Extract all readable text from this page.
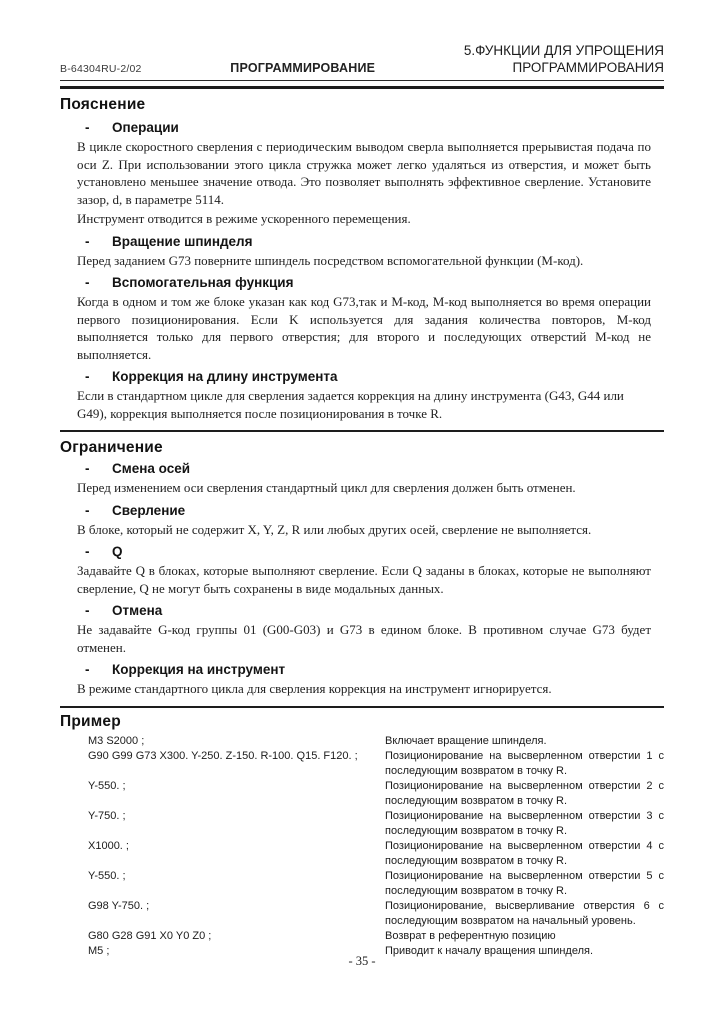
B-64304RU-2/02	ПРОГРАММИРОВАНИЕ
5.ФУНКЦИИ ДЛЯ УПРОЩЕНИЯ
ПРОГРАММИРОВАНИЯ
Пояснение
-	Операции

В цикле скоростного сверления с периодическим выводом сверла выполняется прерывистая подача по оси Z. При использовании этого цикла стружка может легко удаляться из отверстия, и может быть установлено меньшее значение отвода. Это позволяет выполнять эффективное сверление. Установите зазор, d, в параметре 5114.

Инструмент отводится в режиме ускоренного перемещения.

-	Вращение шпинделя

Перед заданием G73 поверните шпиндель посредством вспомогательной функции (M-код).

-	Вспомогательная функция

Когда в одном и том же блоке указан как код G73,так и M-код, M-код выполняется во время операции первого позиционирования. Если K используется для задания количества повторов, M-код выполняется только для первого отверстия; для второго и последующих отверстий M-код не выполняется.

-	Коррекция на длину инструмента

Если в стандартном цикле для сверления задается коррекция на длину инструмента (G43, G44 или G49), коррекция выполняется после позиционирования в точке R.

Ограничение
-	Смена осей

Перед изменением оси сверления стандартный цикл для сверления должен быть отменен.

-	Сверление

В блоке, который не содержит X, Y, Z, R или любых других осей, сверление не выполняется.

-	Q

Задавайте Q в блоках, которые выполняют сверление. Если Q заданы в блоках, которые не выполняют сверление, Q не могут быть сохранены в виде модальных данных.

-	Отмена

Не задавайте G-код группы 01 (G00-G03) и G73 в едином блоке. В противном случае G73 будет отменен.

-	Коррекция на инструмент

В режиме стандартного цикла для сверления коррекция на инструмент игнорируется.

Пример
M3 S2000 ;	Включает вращение шпинделя.
G90 G99 G73 X300. Y-250. Z-150. R-100. Q15. F120. ;	Позиционирование на высверленном отверстии 1 с последующим возвратом в точку R.
Y-550. ;	Позиционирование на высверленном отверстии 2 с последующим возвратом в точку R.
Y-750. ;	Позиционирование на высверленном отверстии 3 с последующим возвратом в точку R.
X1000. ;	Позиционирование на высверленном отверстии 4 с последующим возвратом в точку R.
Y-550. ;	Позиционирование на высверленном отверстии 5 с последующим возвратом в точку R.
G98 Y-750. ;	Позиционирование, высверливание отверстия 6 с последующим возвратом на начальный уровень.
G80 G28 G91 X0 Y0 Z0 ;	Возврат в референтную позицию
M5 ;	Приводит к началу вращения шпинделя.
- 35 -
